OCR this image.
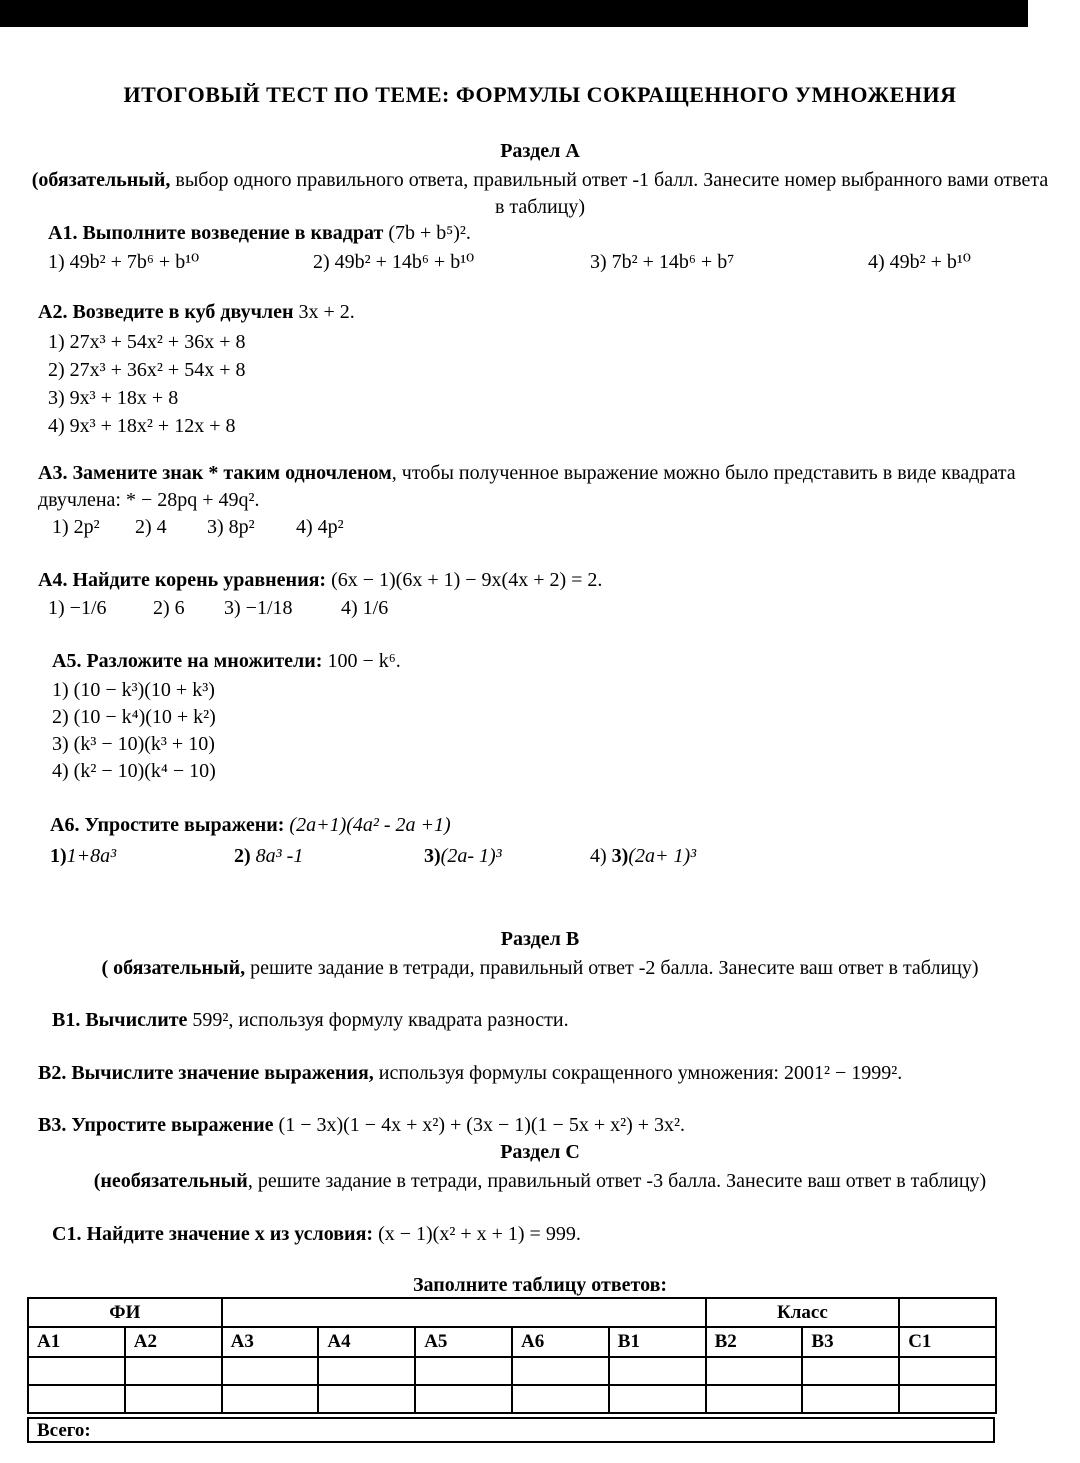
ИТОГОВЫЙ ТЕСТ ПО ТЕМЕ: ФОРМУЛЫ СОКРАЩЕННОГО УМНОЖЕНИЯ
Раздел А
(обязательный, выбор одного правильного ответа, правильный ответ -1 балл. Занесите номер выбранного вами ответа в таблицу)
А1. Выполните возведение в квадрат (7b + b⁵)².
1) 49b² + 7b⁶ + b¹⁰	2) 49b² + 14b⁶ + b¹⁰	3) 7b² + 14b⁶ + b⁷	4) 49b² + b¹⁰
А2. Возведите в куб двучлен 3х + 2.
1) 27x³ + 54x² + 36x + 8
2) 27x³ + 36x² + 54x + 8
3) 9x³ + 18x + 8
4) 9x³ + 18x² + 12x + 8
А3. Замените знак * таким одночленом, чтобы полученное выражение можно было представить в виде квадрата двучлена: * − 28pq + 49q².
1) 2p²	2) 4	3) 8p²	4) 4p²
А4. Найдите корень уравнения: (6x − 1)(6x + 1) − 9x(4x + 2) = 2.
1) −1/6	2) 6	3) −1/18	4) 1/6
А5. Разложите на множители: 100 − k⁶.
1) (10 − k³)(10 + k³)
2) (10 − k⁴)(10 + k²)
3) (k³ − 10)(k³ + 10)
4) (k² − 10)(k⁴ − 10)
А6. Упростите выражени: (2a+1)(4a² - 2a +1)
1)1+8a³	2) 8a³ -1	3)(2a- 1)³	4) 3)(2a+ 1)³
Раздел В
( обязательный, решите задание в тетради, правильный ответ -2 балла. Занесите ваш ответ в таблицу)
В1. Вычислите 599², используя формулу квадрата разности.
В2. Вычислите значение выражения, используя формулы сокращенного умножения: 2001² − 1999².
В3. Упростите выражение (1 − 3x)(1 − 4x + x²) + (3x − 1)(1 − 5x + x²) + 3x².
Раздел С
(необязательный, решите задание в тетради, правильный ответ -3 балла. Занесите ваш ответ в таблицу)
С1. Найдите значение х из условия: (x − 1)(x² + x + 1) = 999.
Заполните таблицу ответов:
ФИ							Класс		
А1	А2	А3	А4	А5	А6	В1	В2	В3	С1

Всего:
